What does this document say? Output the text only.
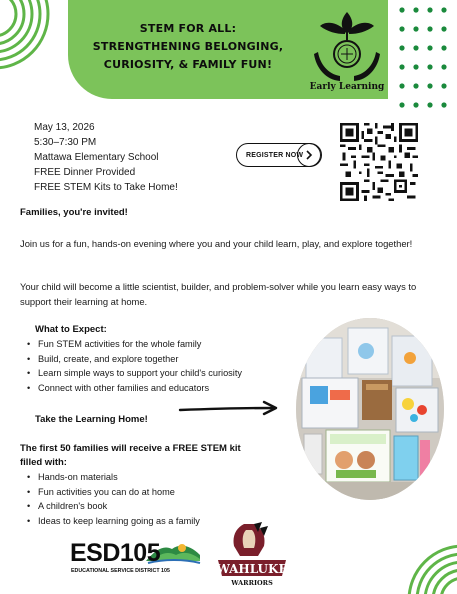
STEM FOR ALL:
STRENGTHENING BELONGING,
CURIOSITY, & FAMILY FUN!
Early Learning
May 13, 2026
5:30–7:30 PM
Mattawa Elementary School
FREE Dinner Provided
FREE STEM Kits to Take Home!
REGISTER NOW
Families, you're invited!
Join us for a fun, hands-on evening where you and your child learn, play, and explore together!
Your child will become a little scientist, builder, and problem-solver while you learn easy ways to support their learning at home.
What to Expect:
• Fun STEM activities for the whole family
• Build, create, and explore together
• Learn simple ways to support your child's curiosity
• Connect with other families and educators
Take the Learning Home!
The first 50 families will receive a FREE STEM kit
filled with:
• Hands-on materials
• Fun activities you can do at home
• A children's book
• Ideas to keep learning going as a family
ESD105
EDUCATIONAL SERVICE DISTRICT 105	WAHLUKE
WARRIORS
